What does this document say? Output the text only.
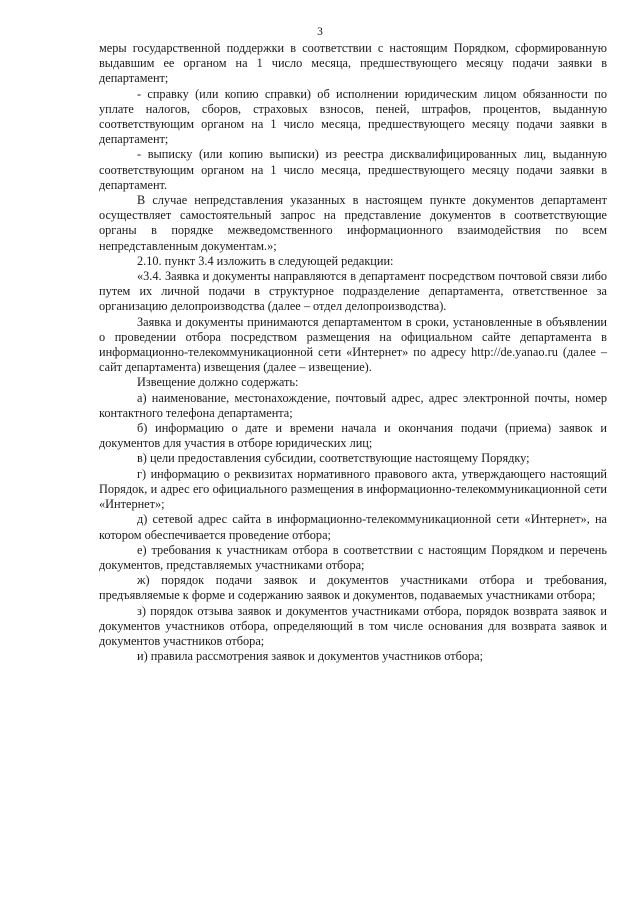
3

меры государственной поддержки в соответствии с настоящим Порядком, сформированную выдавшим ее органом на 1 число месяца, предшествующего месяцу подачи заявки в департамент;

- справку (или копию справки) об исполнении юридическим лицом обязанности по уплате налогов, сборов, страховых взносов, пеней, штрафов, процентов, выданную соответствующим органом на 1 число месяца, предшествующего месяцу подачи заявки в департамент;

- выписку (или копию выписки) из реестра дисквалифицированных лиц, выданную соответствующим органом на 1 число месяца, предшествующего месяцу подачи заявки в департамент.

В случае непредставления указанных в настоящем пункте документов департамент осуществляет самостоятельный запрос на представление документов в соответствующие органы в порядке межведомственного информационного взаимодействия по всем непредставленным документам.»;

2.10. пункт 3.4 изложить в следующей редакции:

«3.4. Заявка и документы направляются в департамент посредством почтовой связи либо путем их личной подачи в структурное подразделение департамента, ответственное за организацию делопроизводства (далее – отдел делопроизводства).

Заявка и документы принимаются департаментом в сроки, установленные в объявлении о проведении отбора посредством размещения на официальном сайте департамента в информационно-телекоммуникационной сети «Интернет» по адресу http://de.yanao.ru (далее – сайт департамента) извещения (далее – извещение).

Извещение должно содержать:

а) наименование, местонахождение, почтовый адрес, адрес электронной почты, номер контактного телефона департамента;

б) информацию о дате и времени начала и окончания подачи (приема) заявок и документов для участия в отборе юридических лиц;

в) цели предоставления субсидии, соответствующие настоящему Порядку;

г) информацию о реквизитах нормативного правового акта, утверждающего настоящий Порядок, и адрес его официального размещения в информационно-телекоммуникационной сети «Интернет»;

д) сетевой адрес сайта в информационно-телекоммуникационной сети «Интернет», на котором обеспечивается проведение отбора;

е) требования к участникам отбора в соответствии с настоящим Порядком и перечень документов, представляемых участниками отбора;

ж) порядок подачи заявок и документов участниками отбора и требования, предъявляемые к форме и содержанию заявок и документов, подаваемых участниками отбора;

з) порядок отзыва заявок и документов участниками отбора, порядок возврата заявок и документов участников отбора, определяющий в том числе основания для возврата заявок и документов участников отбора;

и) правила рассмотрения заявок и документов участников отбора;
